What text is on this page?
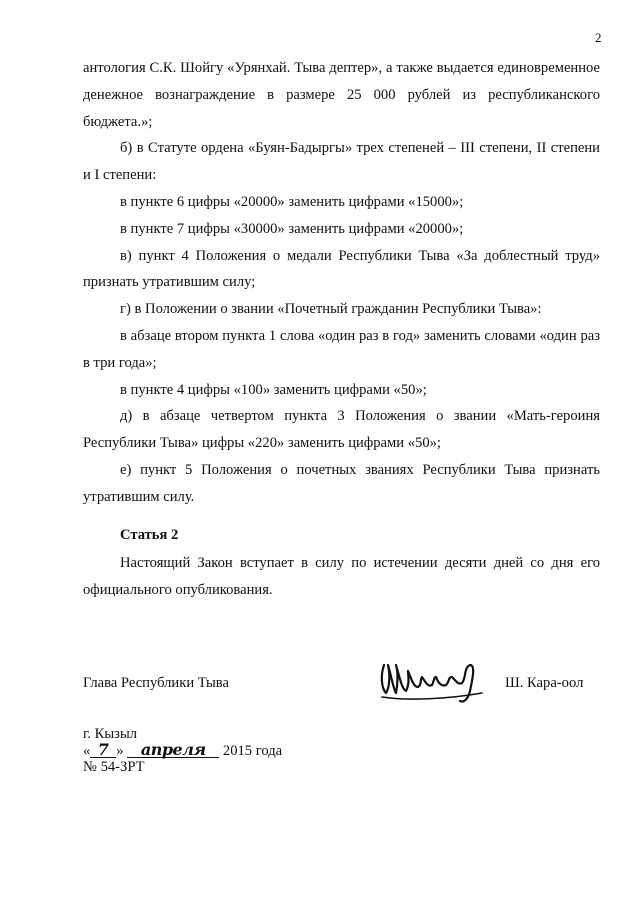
2

антология С.К. Шойгу «Урянхай. Тыва дептер», а также выдается единовременное денежное вознаграждение в размере 25 000 рублей из республиканского бюджета.»;

б) в Статуте ордена «Буян-Бадыргы» трех степеней – III степени, II степени и I степени:

в пункте 6 цифры «20000» заменить цифрами «15000»;

в пункте 7 цифры «30000» заменить цифрами «20000»;

в) пункт 4 Положения о медали Республики Тыва «За доблестный труд» признать утратившим силу;

г) в Положении о звании «Почетный гражданин Республики Тыва»:

в абзаце втором пункта 1 слова «один раз в год» заменить словами «один раз в три года»;

в пункте 4 цифры «100» заменить цифрами «50»;

д) в абзаце четвертом пункта 3 Положения о звании «Мать-героиня Республики Тыва» цифры «220» заменить цифрами «50»;

е) пункт 5 Положения о почетных званиях Республики Тыва признать утратившим силу.

Статья 2

Настоящий Закон вступает в силу по истечении десяти дней со дня его официального опубликования.

Глава Республики Тыва	Ш. Кара-оол
г. Кызыл
« 7 » апреля 2015 года
№ 54-ЗРТ
